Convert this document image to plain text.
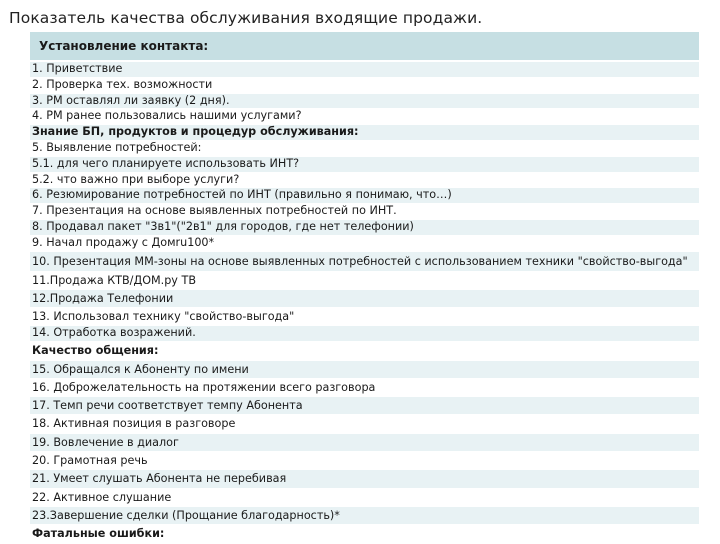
Показатель качества обслуживания входящие продажи.
Установление контакта:
1. Приветствие
2. Проверка тех. возможности
3. РМ оставлял ли заявку (2 дня).
4. РМ ранее пользовались нашими услугами?
Знание БП, продуктов и процедур обслуживания:
5. Выявление потребностей:
5.1. для чего планируете использовать ИНТ?
5.2. что важно при выборе услуги?
6. Резюмирование потребностей по ИНТ (правильно я понимаю, что…)
7. Презентация на основе выявленных потребностей по ИНТ.
8. Продавал пакет "3в1"("2в1" для городов, где нет телефонии)
9. Начал продажу с Домru100*
10. Презентация ММ-зоны на основе выявленных потребностей с использованием техники "свойство-выгода"
11.Продажа КТВ/ДОМ.ру ТВ
12.Продажа Телефонии
13. Использовал технику "свойство-выгода"
14. Отработка возражений.
Качество общения:
15. Обращался к Абоненту по имени
16. Доброжелательность на протяжении всего разговора
17. Темп речи соответствует темпу Абонента
18. Активная позиция в разговоре
19. Вовлечение в диалог
20. Грамотная речь
21. Умеет слушать Абонента не перебивая
22. Активное слушание
23.Завершение сделки (Прощание благодарность)*
Фатальные ошибки:
